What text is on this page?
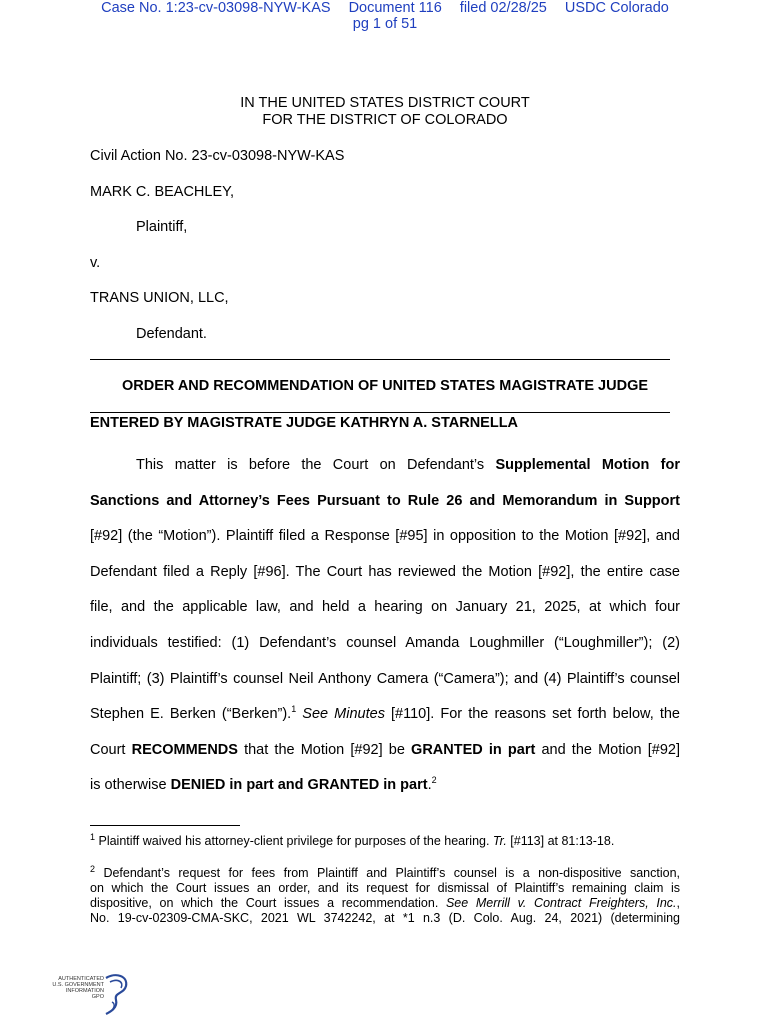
Case No. 1:23-cv-03098-NYW-KAS Document 116 filed 02/28/25 USDC Colorado
pg 1 of 51
IN THE UNITED STATES DISTRICT COURT
FOR THE DISTRICT OF COLORADO
Civil Action No. 23-cv-03098-NYW-KAS
MARK C. BEACHLEY,
Plaintiff,
v.
TRANS UNION, LLC,
Defendant.
ORDER AND RECOMMENDATION OF UNITED STATES MAGISTRATE JUDGE
ENTERED BY MAGISTRATE JUDGE KATHRYN A. STARNELLA
This matter is before the Court on Defendant’s Supplemental Motion for
Sanctions and Attorney’s Fees Pursuant to Rule 26 and Memorandum in Support
[#92] (the “Motion”). Plaintiff filed a Response [#95] in opposition to the Motion [#92], and
Defendant filed a Reply [#96]. The Court has reviewed the Motion [#92], the entire case
file, and the applicable law, and held a hearing on January 21, 2025, at which four
individuals testified: (1) Defendant’s counsel Amanda Loughmiller (“Loughmiller”); (2)
Plaintiff; (3) Plaintiff’s counsel Neil Anthony Camera (“Camera”); and (4) Plaintiff’s counsel
Stephen E. Berken (“Berken”).$^1$ See Minutes [#110]. For the reasons set forth below, the
Court RECOMMENDS that the Motion [#92] be GRANTED in part and the Motion [#92]
is otherwise DENIED in part and GRANTED in part.$^2$
$^1$ Plaintiff waived his attorney-client privilege for purposes of the hearing. Tr. [#113] at 81:13-18.
$^2$ Defendant’s request for fees from Plaintiff and Plaintiff’s counsel is a non-dispositive sanction,
on which the Court issues an order, and its request for dismissal of Plaintiff’s remaining claim is
dispositive, on which the Court issues a recommendation. See Merrill v. Contract Freighters, Inc.,
No. 19-cv-02309-CMA-SKC, 2021 WL 3742242, at *1 n.3 (D. Colo. Aug. 24, 2021) (determining
AUTHENTICATED
U.S. GOVERNMENT
INFORMATION
GPO
